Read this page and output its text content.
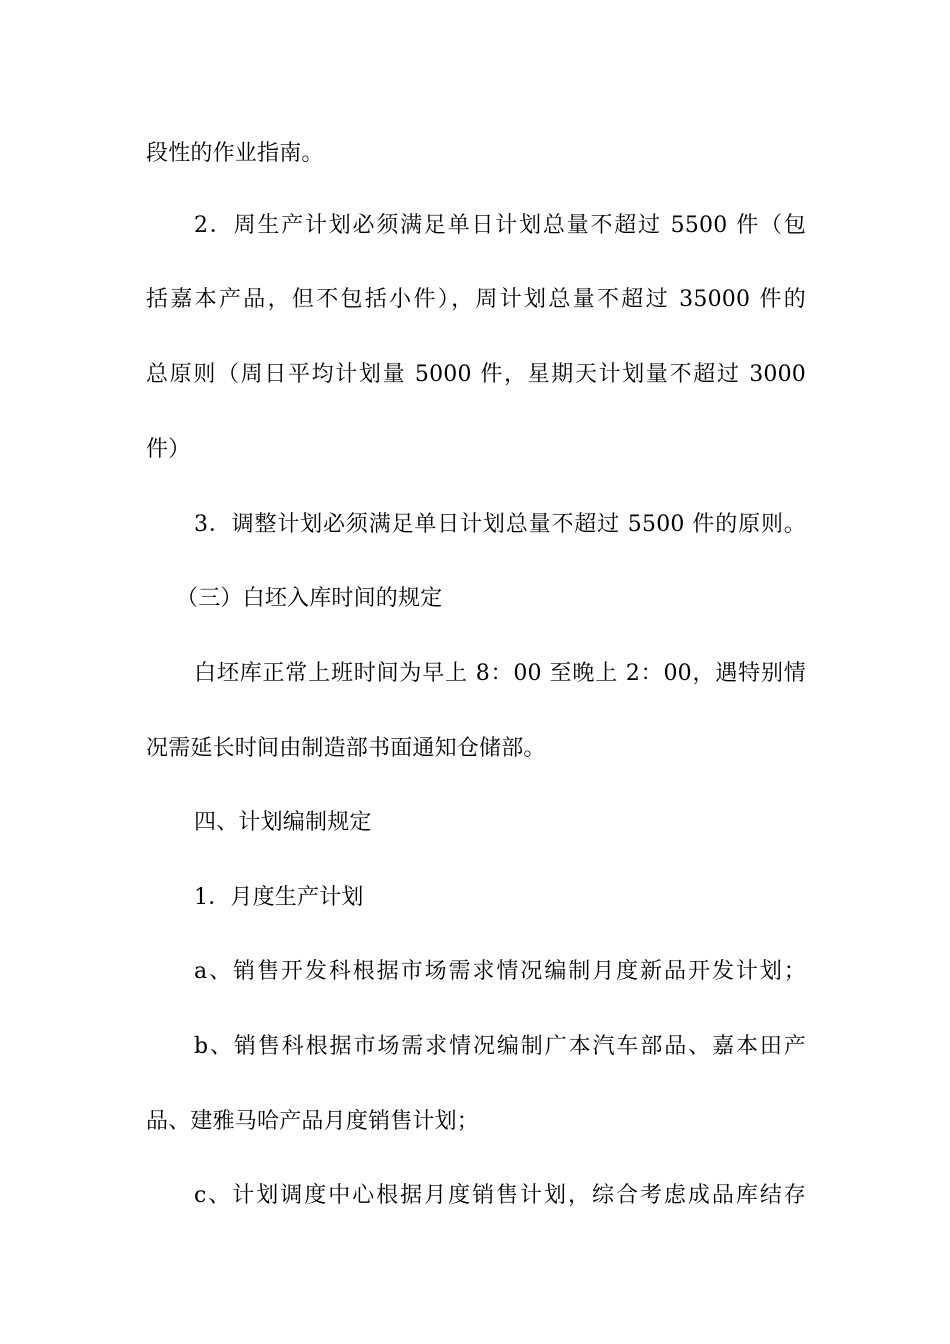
段性的作业指南。
2．周生产计划必须满足单日计划总量不超过 5500 件（包
括嘉本产品，但不包括小件），周计划总量不超过 35000 件的
总原则（周日平均计划量 5000 件，星期天计划量不超过 3000
件）
3．调整计划必须满足单日计划总量不超过 5500 件的原则。
（三）白坯入库时间的规定
白坯库正常上班时间为早上 8：00 至晚上 2：00，遇特别情
况需延长时间由制造部书面通知仓储部。
四、计划编制规定
1．月度生产计划
a、销售开发科根据市场需求情况编制月度新品开发计划；
b、销售科根据市场需求情况编制广本汽车部品、嘉本田产
品、建雅马哈产品月度销售计划；
c、计划调度中心根据月度销售计划，综合考虑成品库结存
